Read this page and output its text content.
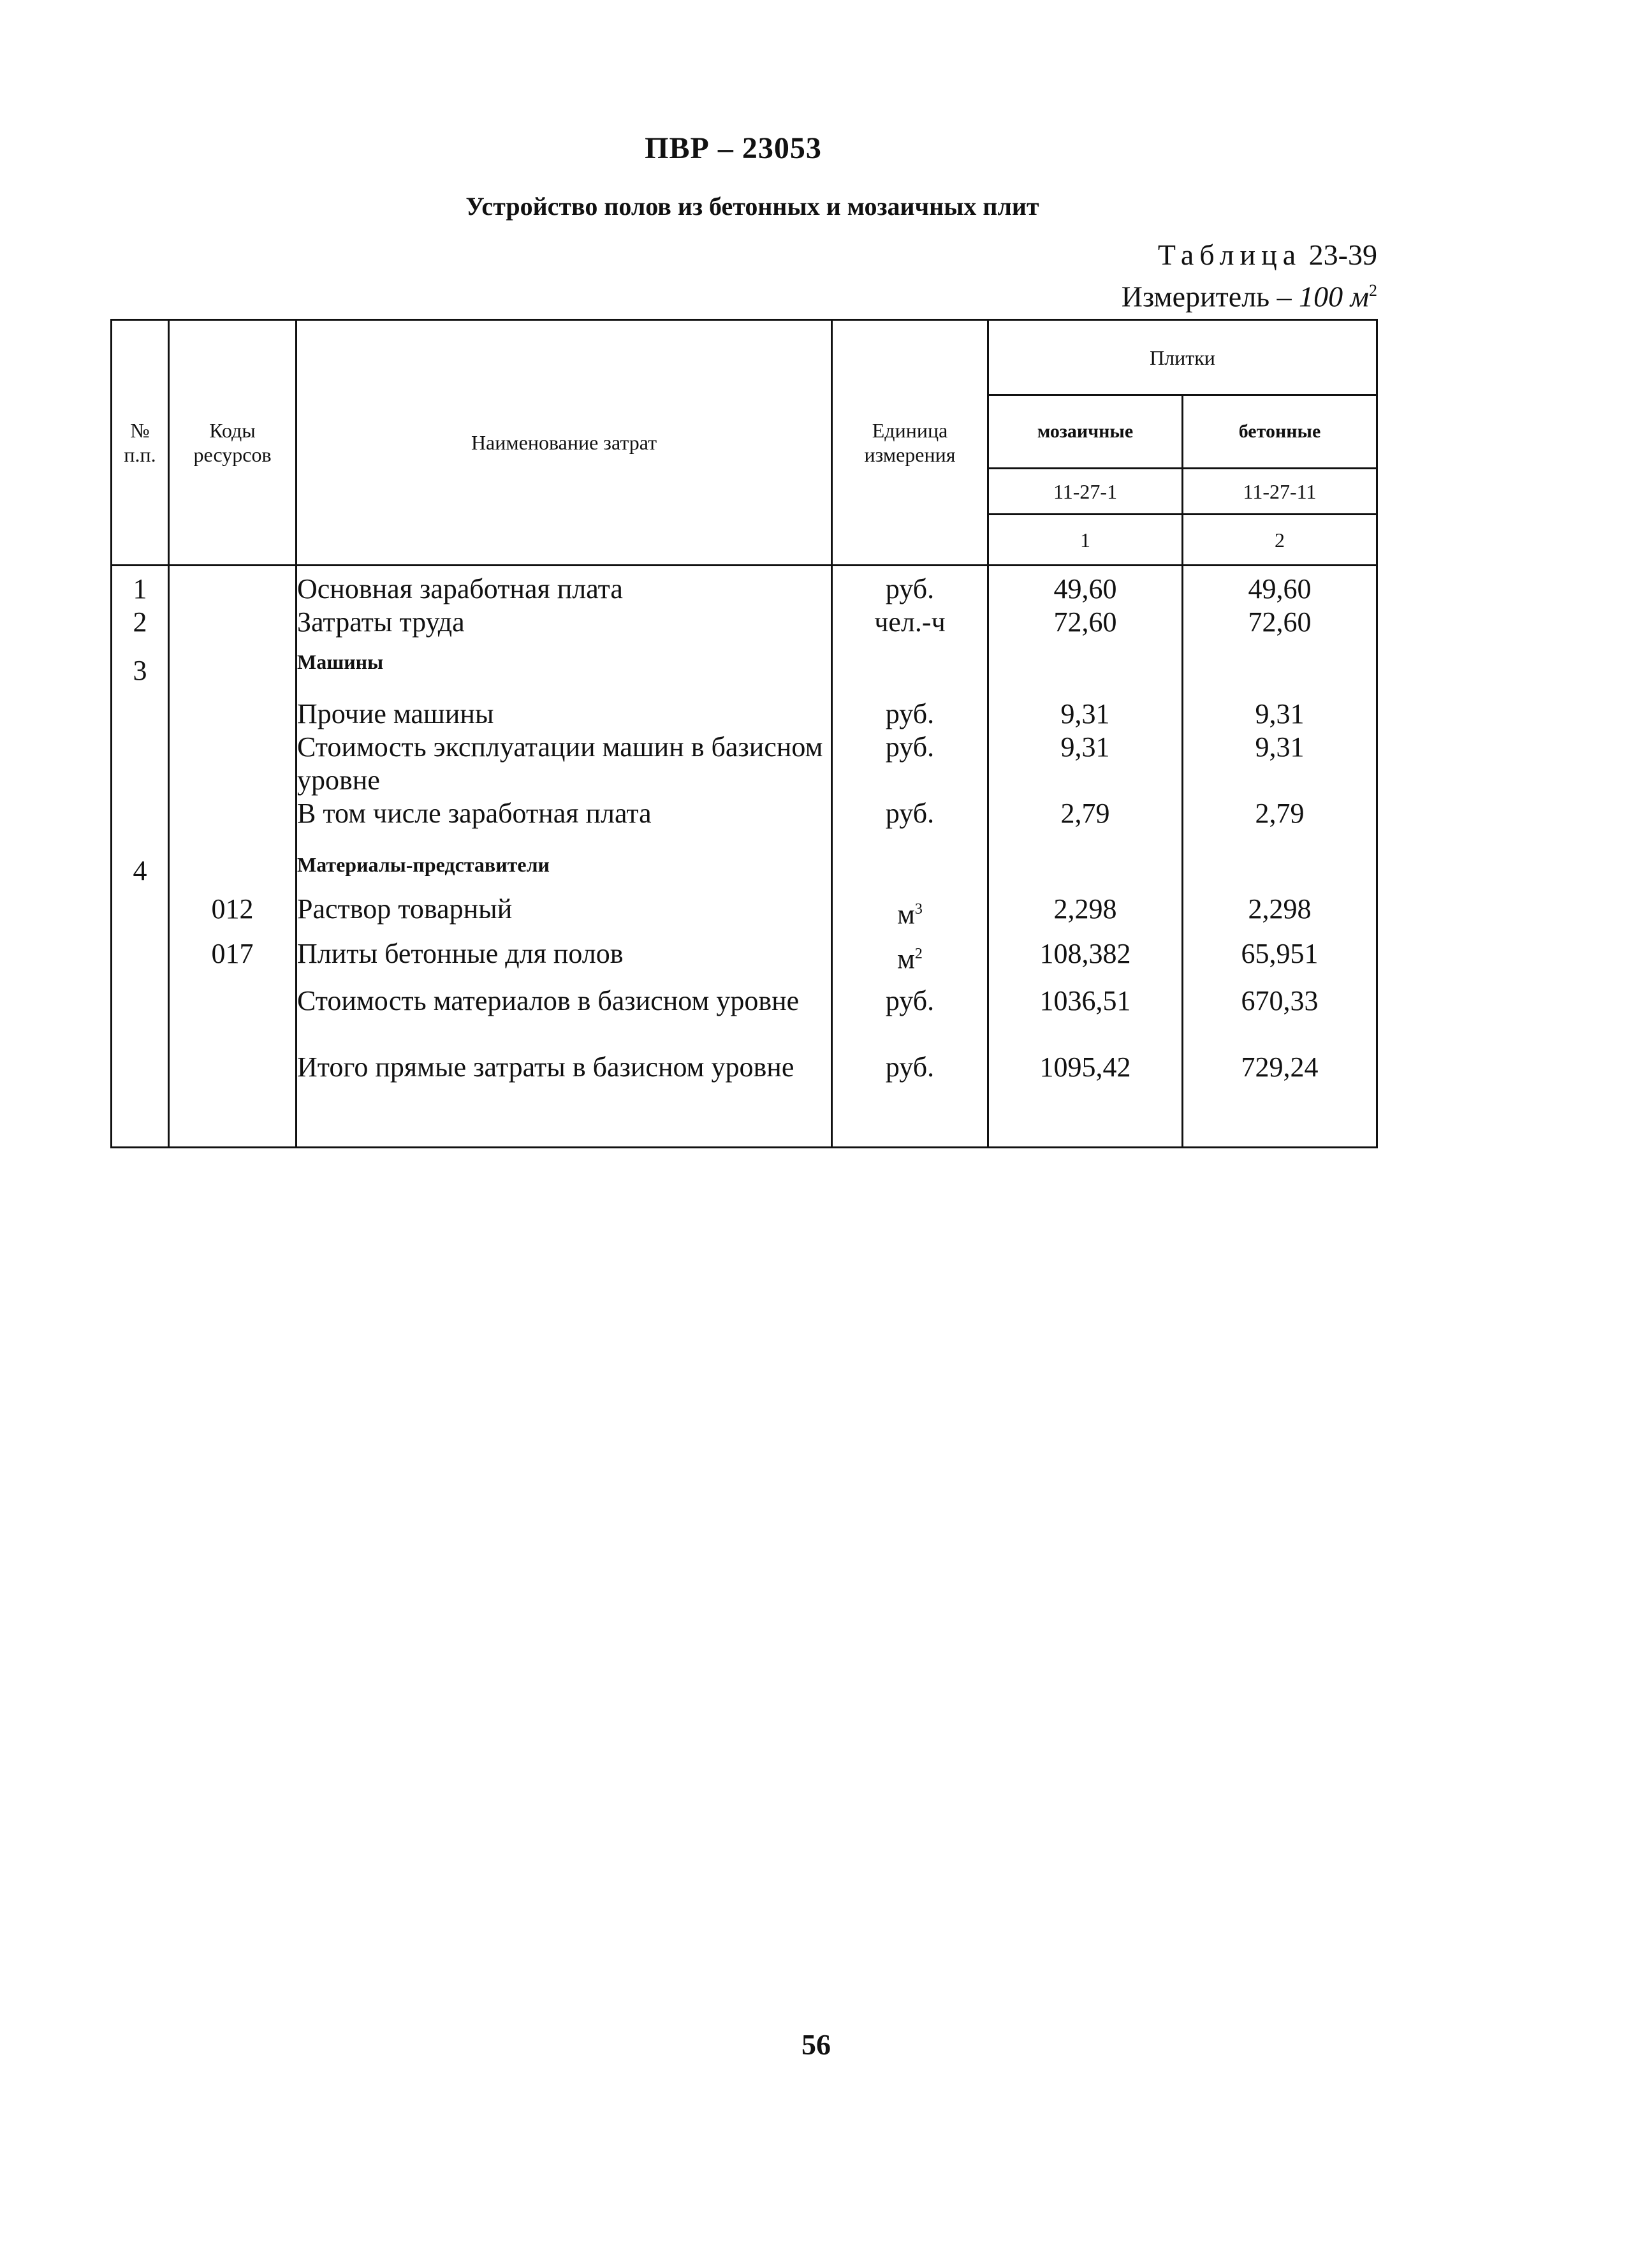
ПВР – 23053
Устройство полов из бетонных и мозаичных плит
Таблица 23-39
Измеритель – 100 $м^2$
№ п.п.	Коды ресурсов	Наименование затрат	Единица измерения	Плитки	
				мозаичные	бетонные
				11-27-1	11-27-11
				1	2
1		Основная заработная плата	руб.	49,60	49,60
2		Затраты труда	чел.-ч	72,60	72,60
3		Машины			
		Прочие машины	руб.	9,31	9,31
		Стоимость эксплуатации машин в базисном уровне	руб.	9,31	9,31
		В том числе заработная плата	руб.	2,79	2,79
4		Материалы-представители			
	012	Раствор товарный	$м^3$	2,298	2,298
	017	Плиты бетонные для полов	$м^2$	108,382	65,951
		Стоимость материалов в базисном уровне	руб.	1036,51	670,33
		Итого прямые затраты в базисном уровне	руб.	1095,42	729,24
56
